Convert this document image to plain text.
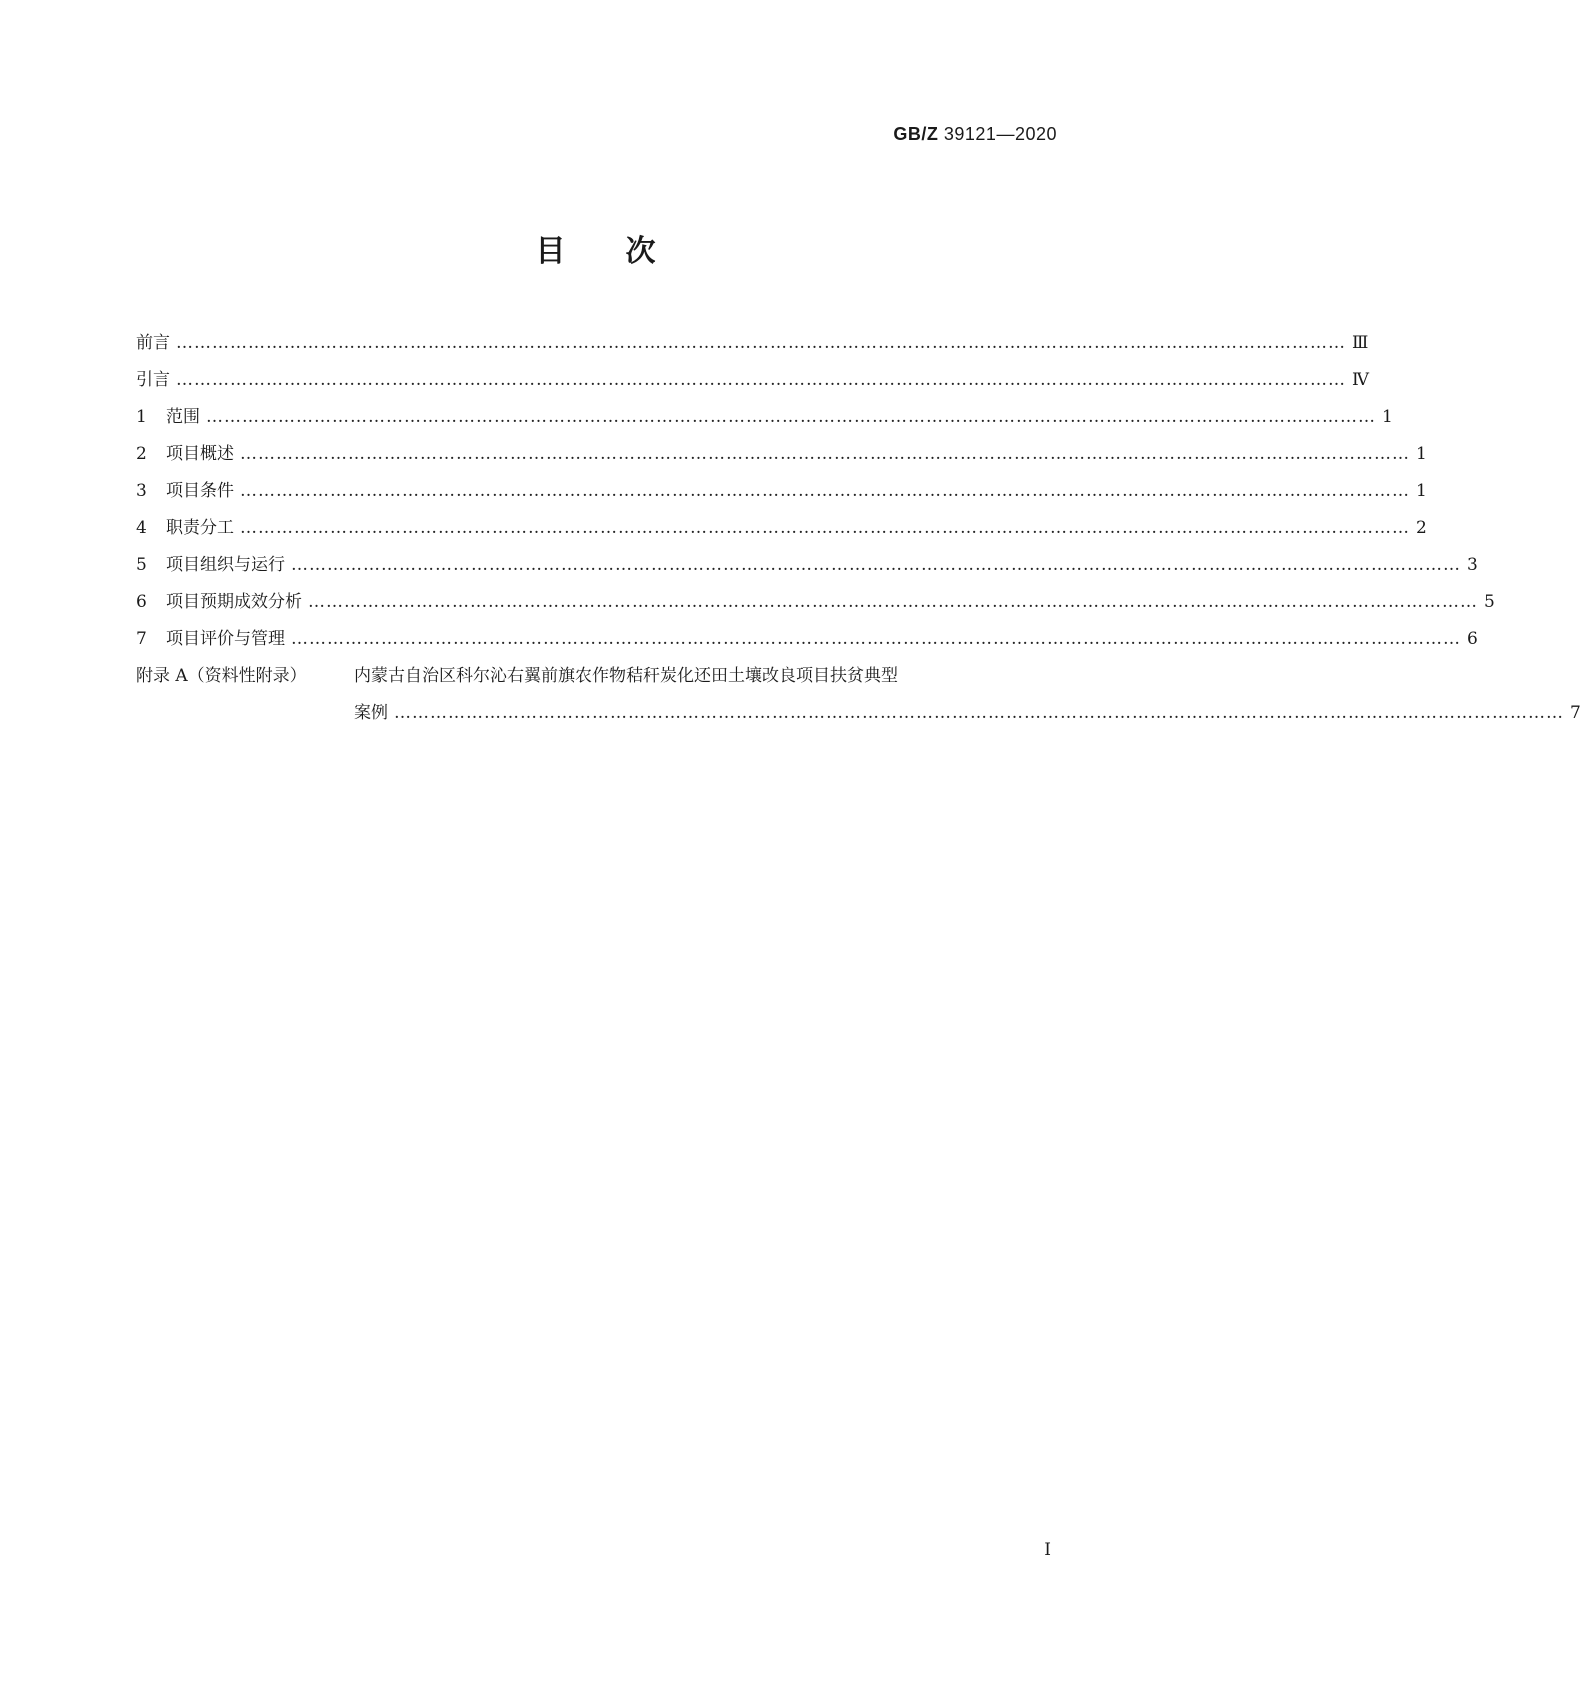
GB/Z 39121—2020
目 次
前言 …………………………………………………………………………………………………………………………………………………………………………… Ⅲ
引言 …………………………………………………………………………………………………………………………………………………………………………… Ⅳ
1 范围 …………………………………………………………………………………………………………………………………………………………………………… 1
2 项目概述 …………………………………………………………………………………………………………………………………………………………………………… 1
3 项目条件 …………………………………………………………………………………………………………………………………………………………………………… 1
4 职责分工 …………………………………………………………………………………………………………………………………………………………………………… 2
5 项目组织与运行 …………………………………………………………………………………………………………………………………………………………………………… 3
6 项目预期成效分析 …………………………………………………………………………………………………………………………………………………………………………… 5
7 项目评价与管理 …………………………………………………………………………………………………………………………………………………………………………… 6
附录 A（资料性附录）	内蒙古自治区科尔沁右翼前旗农作物秸秆炭化还田土壤改良项目扶贫典型
案例 …………………………………………………………………………………………………………………………………………………………………………… 7
Ⅰ
